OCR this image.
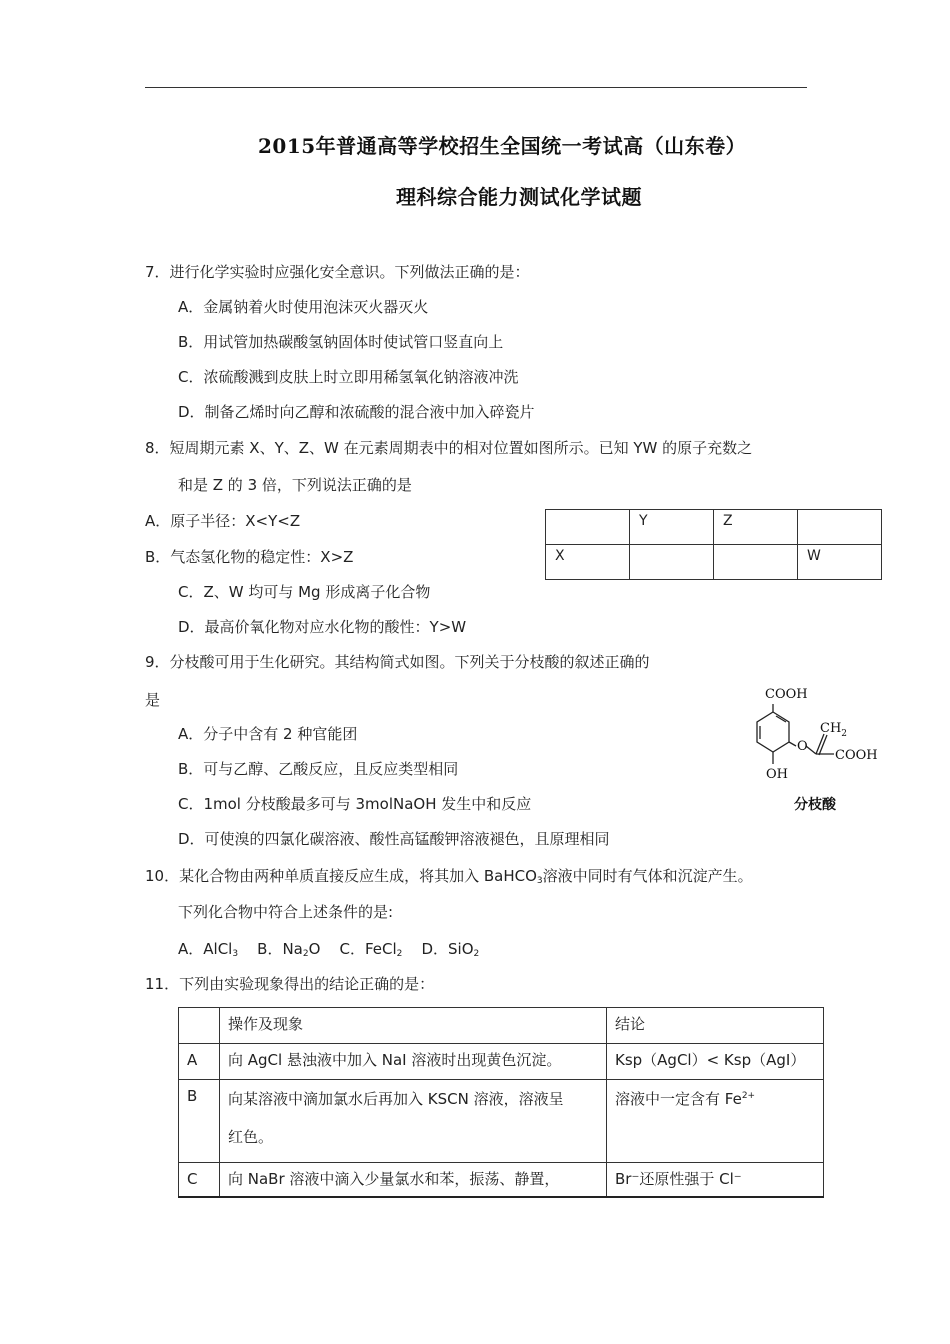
2015年普通高等学校招生全国统一考试高（山东卷）
理科综合能力测试化学试题
7．进行化学实验时应强化安全意识。下列做法正确的是：
A．金属钠着火时使用泡沫灭火器灭火
B．用试管加热碳酸氢钠固体时使试管口竖直向上
C．浓硫酸溅到皮肤上时立即用稀氢氧化钠溶液冲洗
D．制备乙烯时向乙醇和浓硫酸的混合液中加入碎瓷片
8．短周期元素 X、Y、Z、W 在元素周期表中的相对位置如图所示。已知 YW 的原子充数之
和是 Z 的 3 倍，下列说法正确的是
A．原子半径：X<Y<Z
B．气态氢化物的稳定性：X>Z
C．Z、W 均可与 Mg 形成离子化合物
D．最高价氧化物对应水化物的酸性：Y>W
	Y	Z	
X			W
9．分枝酸可用于生化研究。其结构简式如图。下列关于分枝酸的叙述正确的
是
A．分子中含有 2 种官能团
B．可与乙醇、乙酸反应，且反应类型相同
C．1mol 分枝酸最多可与 3molNaOH 发生中和反应
D．可使溴的四氯化碳溶液、酸性高锰酸钾溶液褪色，且原理相同
COOH
$CH_2$
O
COOH
OH
分枝酸
10．某化合物由两种单质直接反应生成，将其加入 BaHCO$_3$溶液中同时有气体和沉淀产生。
下列化合物中符合上述条件的是:
A．AlCl$_3$ B．$Na_2O$ C．FeCl$_2$ D．SiO$_2$
11．下列由实验现象得出的结论正确的是：
	操作及现象	结论
A	向 AgCl 悬浊液中加入 NaI 溶液时出现黄色沉淀。	Ksp（AgCl）< Ksp（AgI）
B	向某溶液中滴加氯水后再加入 KSCN 溶液，溶液呈
红色。	溶液中一定含有 $Fe^{2+}$
C	向 NaBr 溶液中滴入少量氯水和苯，振荡、静置，	Br⁻还原性强于 Cl⁻
